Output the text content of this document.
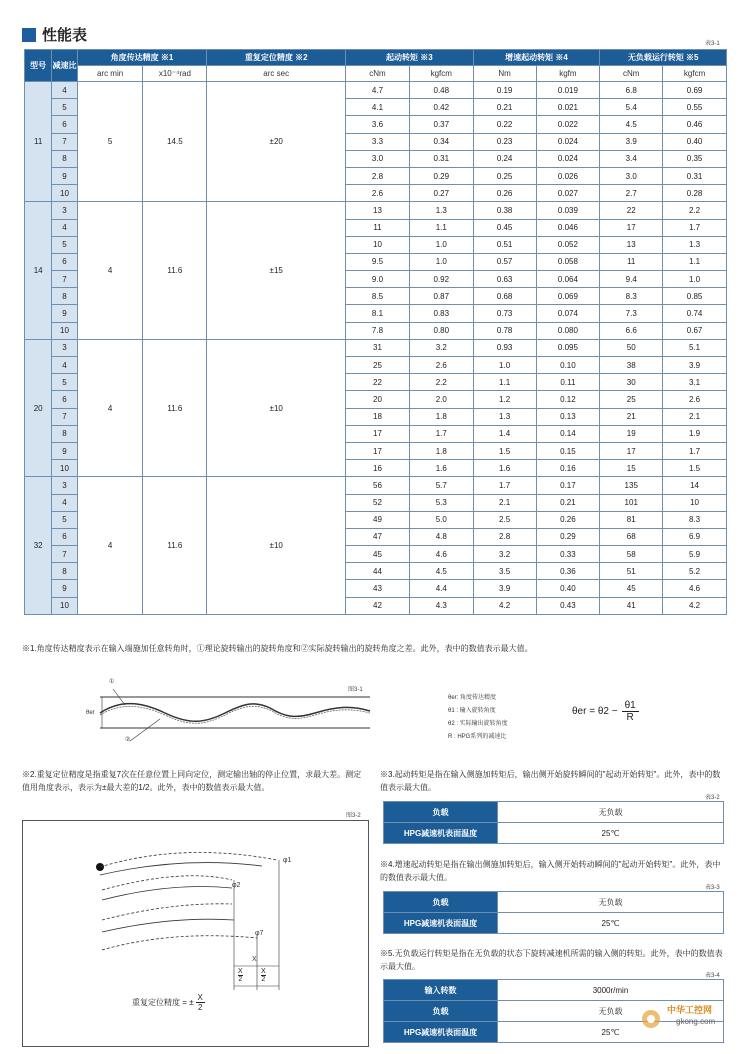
性能表	表3-1
型号	减速比	角度传达精度 ※1		重复定位精度 ※2	起动转矩 ※3		增速起动转矩 ※4		无负载运行转矩 ※5	
		arc min	x10⁻⁴rad	arc sec	cNm	kgfcm	Nm	kgfm	cNm	kgfcm
11	4	5	14.5	±20	4.7	0.48	0.19	0.019	6.8	0.69
	5				4.1	0.42	0.21	0.021	5.4	0.55
	6				3.6	0.37	0.22	0.022	4.5	0.46
	7				3.3	0.34	0.23	0.024	3.9	0.40
	8				3.0	0.31	0.24	0.024	3.4	0.35
	9				2.8	0.29	0.25	0.026	3.0	0.31
	10				2.6	0.27	0.26	0.027	2.7	0.28
14	3	4	11.6	±15	13	1.3	0.38	0.039	22	2.2
	4				11	1.1	0.45	0.046	17	1.7
	5				10	1.0	0.51	0.052	13	1.3
	6				9.5	1.0	0.57	0.058	11	1.1
	7				9.0	0.92	0.63	0.064	9.4	1.0
	8				8.5	0.87	0.68	0.069	8.3	0.85
	9				8.1	0.83	0.73	0.074	7.3	0.74
	10				7.8	0.80	0.78	0.080	6.6	0.67
20	3	4	11.6	±10	31	3.2	0.93	0.095	50	5.1
	4				25	2.6	1.0	0.10	38	3.9
	5				22	2.2	1.1	0.11	30	3.1
	6				20	2.0	1.2	0.12	25	2.6
	7				18	1.8	1.3	0.13	21	2.1
	8				17	1.7	1.4	0.14	19	1.9
	9				17	1.8	1.5	0.15	17	1.7
	10				16	1.6	1.6	0.16	15	1.5
32	3	4	11.6	±10	56	5.7	1.7	0.17	135	14
	4				52	5.3	2.1	0.21	101	10
	5				49	5.0	2.5	0.26	81	8.3
	6				47	4.8	2.8	0.29	68	6.9
	7				45	4.6	3.2	0.33	58	5.9
	8				44	4.5	3.5	0.36	51	5.2
	9				43	4.4	3.9	0.40	45	4.6
	10				42	4.3	4.2	0.43	41	4.2
※1.角度传达精度表示在输入端施加任意转角时，①理论旋转输出的旋转角度和②实际旋转输出的旋转角度之差。此外，表中的数值表示最大值。
①
②
θer
图3-1
θer: 角度传达精度
θ1 : 输入旋转角度
θ2 : 实际输出旋转角度
R : HPG系列的减速比
$\theta er = \theta 2 - \frac{\theta 1}{R}$
※2.重复定位精度是指重复7次在任意位置上同向定位，测定输出轴的停止位置，求最大差。测定值用角度表示，表示为±最大差的1/2。此外，表中的数值表示最大值。
图3-2
φ1
φ2
φ7
X
$\frac{X}{2}$	$\frac{X}{2}$
重复定位精度 = ± $\frac{X}{2}$
※3.起动转矩是指在输入侧施加转矩后，输出侧开始旋转瞬间的"起动开始转矩"。此外，表中的数值表示最大值。
表3-2
负载	无负载
HPG减速机表面温度	25℃
※4.增速起动转矩是指在输出侧施加转矩后，输入侧开始转动瞬间的"起动开始转矩"。此外，表中的数值表示最大值。
表3-3
负载	无负载
HPG减速机表面温度	25℃
※5.无负载运行转矩是指在无负载的状态下旋转减速机所需的输入侧的转矩。此外，表中的数值表示最大值。
表3-4
输入转数	3000r/min
负载	无负载
HPG减速机表面温度	25℃
中华工控网
gkong.com
